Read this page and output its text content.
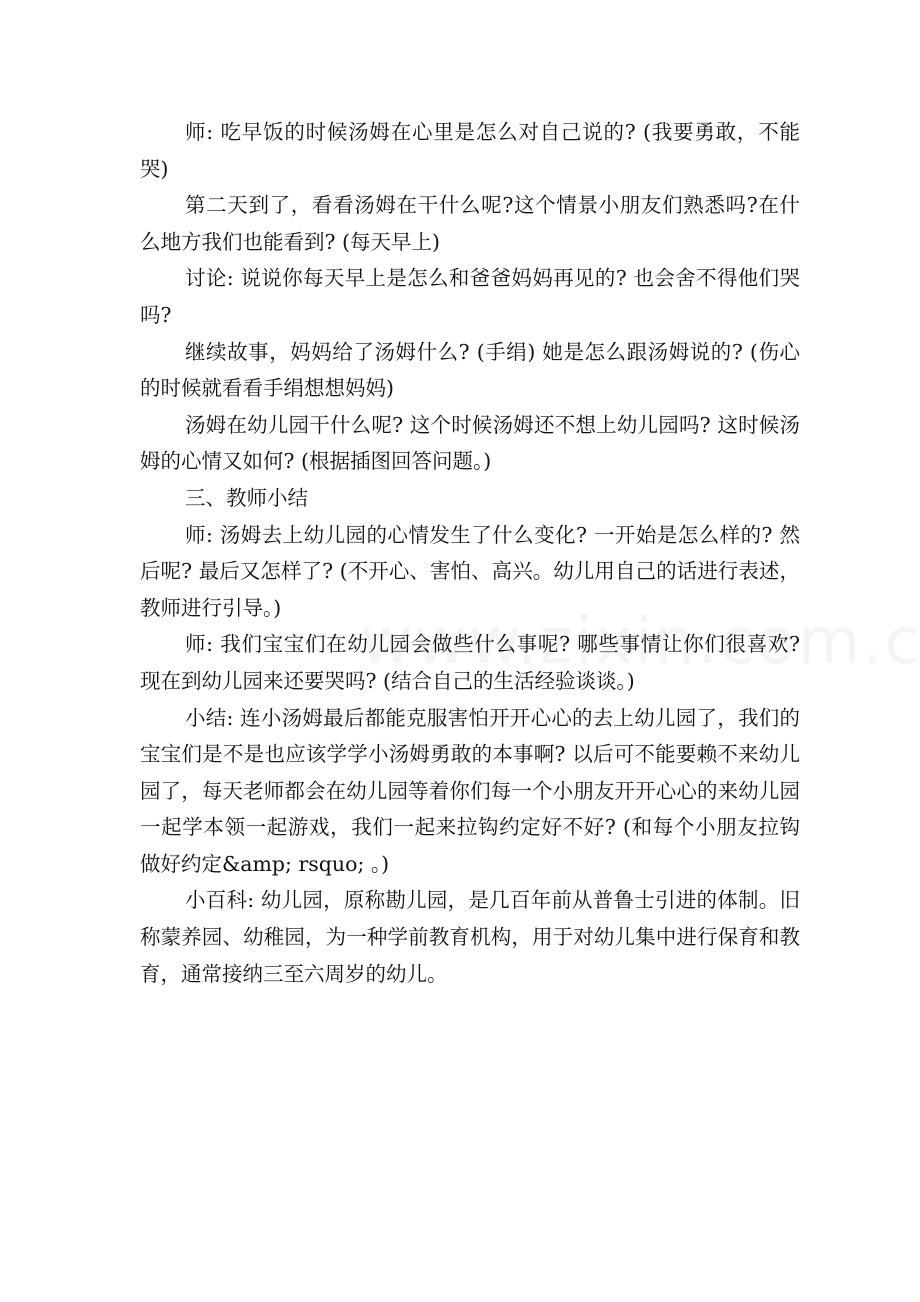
师: 吃早饭的时候汤姆在心里是怎么对自己说的? (我要勇敢，不能哭)

第二天到了，看看汤姆在干什么呢?这个情景小朋友们熟悉吗?在什么地方我们也能看到? (每天早上)

讨论: 说说你每天早上是怎么和爸爸妈妈再见的? 也会舍不得他们哭吗?

继续故事，妈妈给了汤姆什么? (手绢) 她是怎么跟汤姆说的? (伤心的时候就看看手绢想想妈妈)

汤姆在幼儿园干什么呢? 这个时候汤姆还不想上幼儿园吗? 这时候汤姆的心情又如何? (根据插图回答问题。)

三、教师小结

师: 汤姆去上幼儿园的心情发生了什么变化? 一开始是怎么样的? 然后呢? 最后又怎样了? (不开心、害怕、高兴。幼儿用自己的话进行表述，教师进行引导。)

师: 我们宝宝们在幼儿园会做些什么事呢? 哪些事情让你们很喜欢? 现在到幼儿园来还要哭吗? (结合自己的生活经验谈谈。)

小结: 连小汤姆最后都能克服害怕开开心心的去上幼儿园了，我们的宝宝们是不是也应该学学小汤姆勇敢的本事啊? 以后可不能要赖不来幼儿园了，每天老师都会在幼儿园等着你们每一个小朋友开开心心的来幼儿园一起学本领一起游戏，我们一起来拉钩约定好不好? (和每个小朋友拉钩做好约定&amp; rsquo; 。)

小百科: 幼儿园，原称勘儿园，是几百年前从普鲁士引进的体制。旧称蒙养园、幼稚园，为一种学前教育机构，用于对幼儿集中进行保育和教育，通常接纳三至六周岁的幼儿。
